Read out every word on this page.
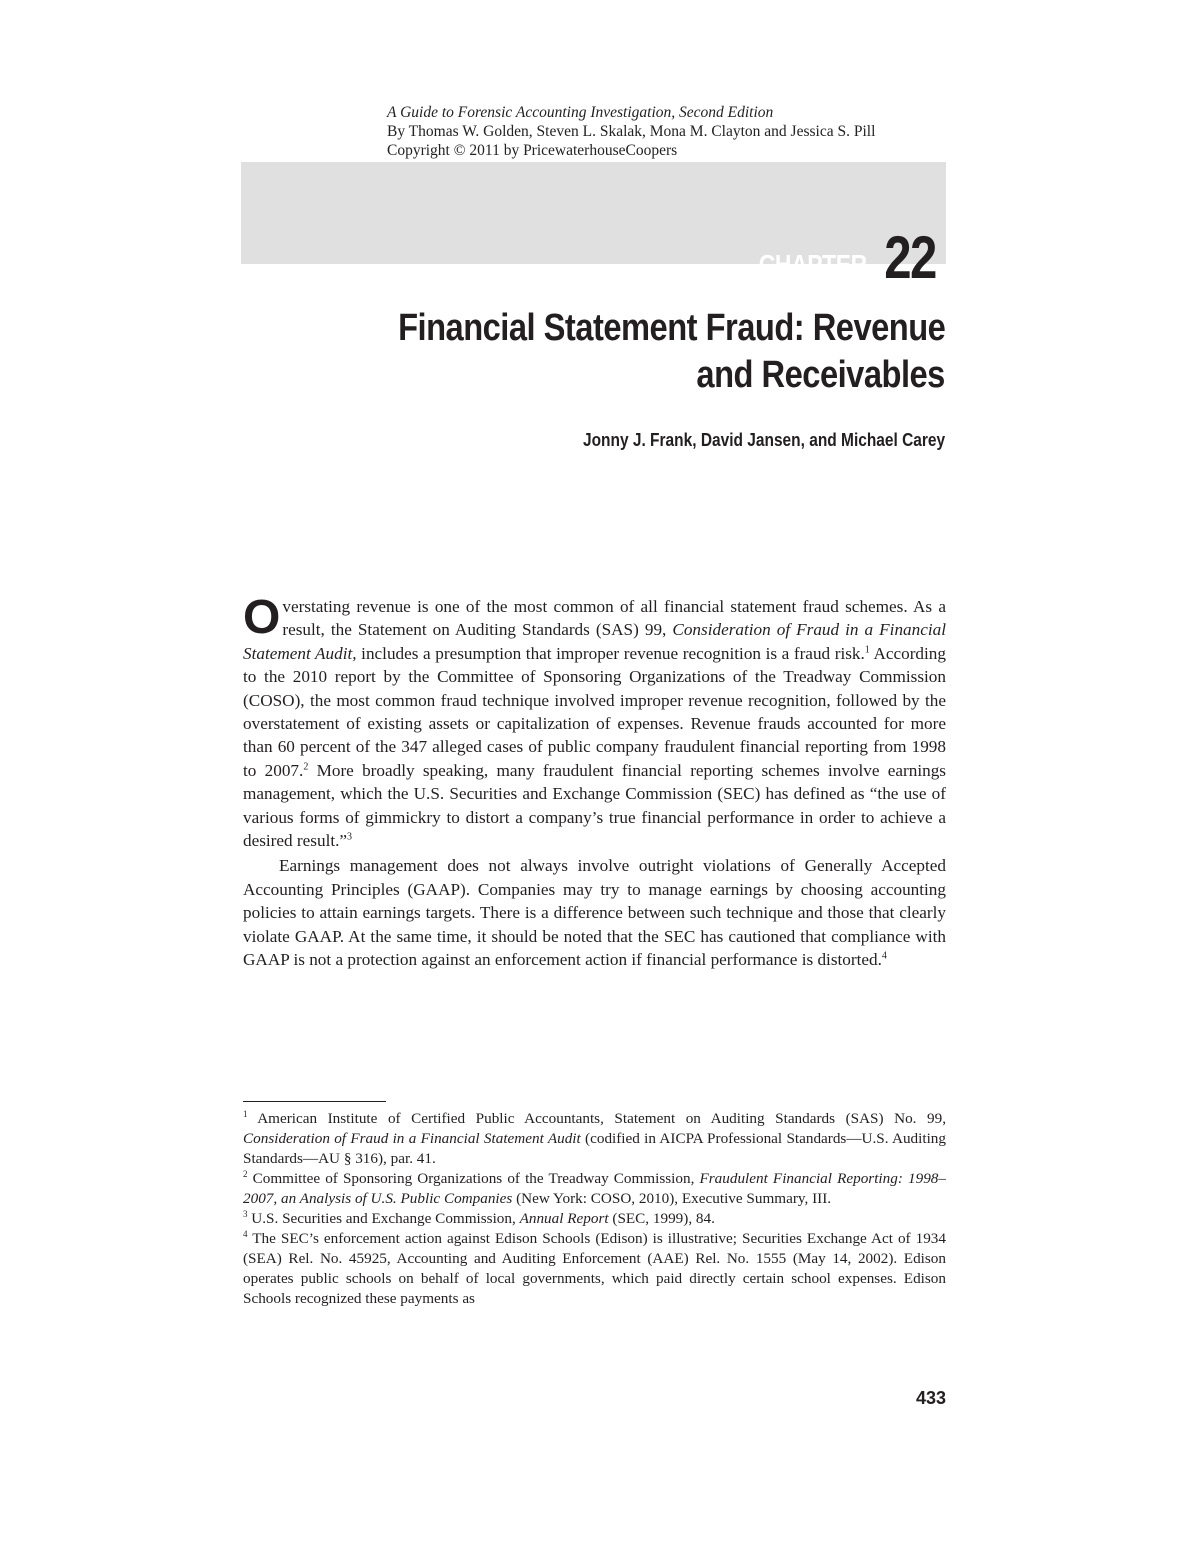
A Guide to Forensic Accounting Investigation, Second Edition
By Thomas W. Golden, Steven L. Skalak, Mona M. Clayton and Jessica S. Pill
Copyright © 2011 by PricewaterhouseCoopers
CHAPTER 22
Financial Statement Fraud: Revenue
and Receivables
Jonny J. Frank, David Jansen, and Michael Carey

Overstating revenue is one of the most common of all financial statement fraud schemes. As a result, the Statement on Auditing Standards (SAS) 99, Consideration of Fraud in a Financial Statement Audit, includes a presumption that improper revenue recognition is a fraud risk.$^1$ According to the 2010 report by the Committee of Sponsoring Organizations of the Treadway Commission (COSO), the most common fraud technique involved improper revenue recognition, followed by the overstatement of existing assets or capitalization of expenses. Revenue frauds accounted for more than 60 percent of the 347 alleged cases of public company fraudulent financial reporting from 1998 to 2007.$^2$ More broadly speaking, many fraudulent financial reporting schemes involve earnings management, which the U.S. Securities and Exchange Commission (SEC) has defined as “the use of various forms of gimmickry to distort a company’s true financial performance in order to achieve a desired result.”$^3$

Earnings management does not always involve outright violations of Generally Accepted Accounting Principles (GAAP). Companies may try to manage earnings by choosing accounting policies to attain earnings targets. There is a difference between such technique and those that clearly violate GAAP. At the same time, it should be noted that the SEC has cautioned that compliance with GAAP is not a protection against an enforcement action if financial performance is distorted.$^4$

$^1$ American Institute of Certified Public Accountants, Statement on Auditing Standards (SAS) No. 99, Consideration of Fraud in a Financial Statement Audit (codified in AICPA Professional Standards—U.S. Auditing Standards—AU § 316), par. 41.

$^2$ Committee of Sponsoring Organizations of the Treadway Commission, Fraudulent Financial Reporting: 1998–2007, an Analysis of U.S. Public Companies (New York: COSO, 2010), Executive Summary, III.

$^3$ U.S. Securities and Exchange Commission, Annual Report (SEC, 1999), 84.

$^4$ The SEC’s enforcement action against Edison Schools (Edison) is illustrative; Securities Exchange Act of 1934 (SEA) Rel. No. 45925, Accounting and Auditing Enforcement (AAE) Rel. No. 1555 (May 14, 2002). Edison operates public schools on behalf of local governments, which paid directly certain school expenses. Edison Schools recognized these payments as

433
